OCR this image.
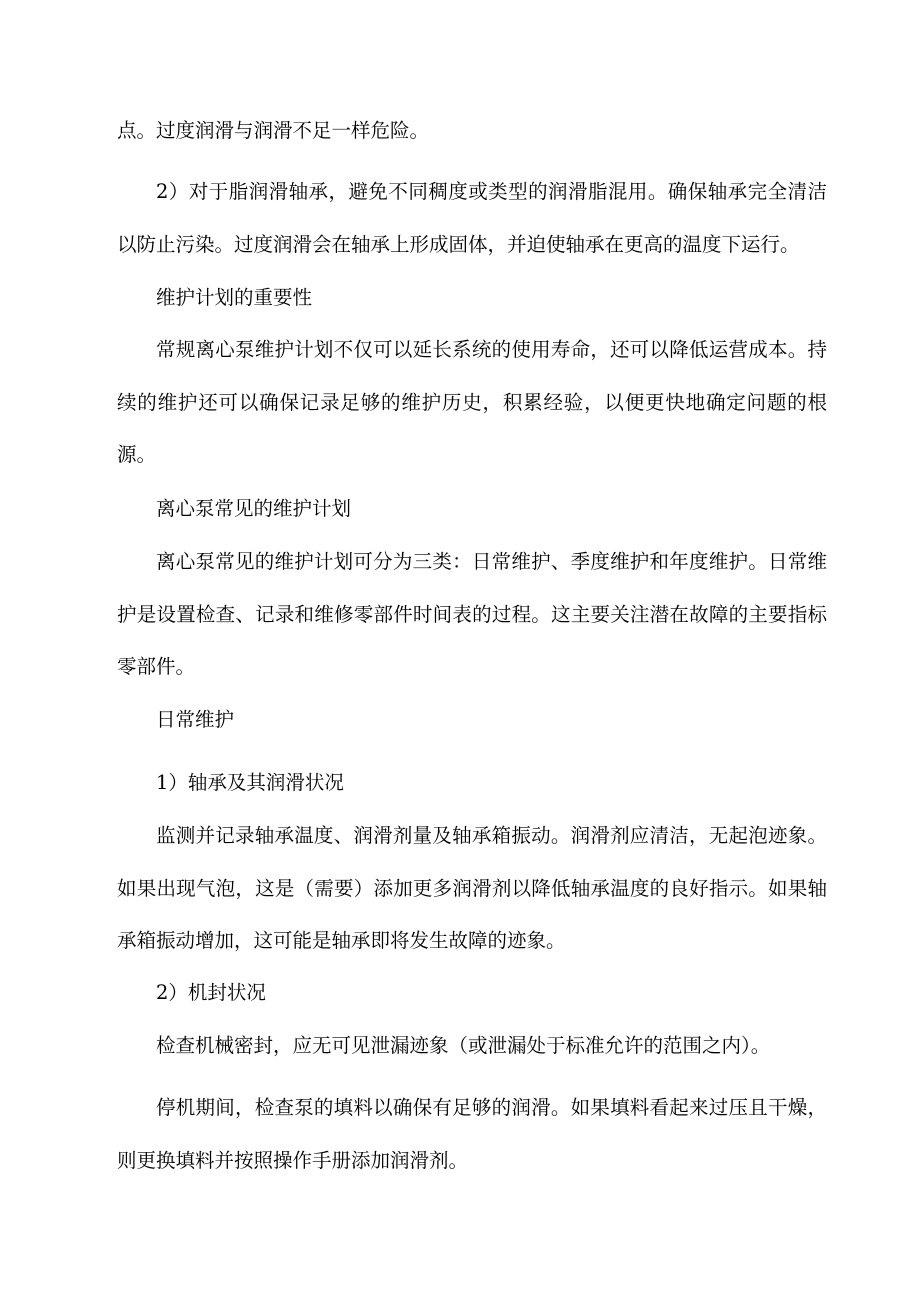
点。过度润滑与润滑不足一样危险。

2）对于脂润滑轴承，避免不同稠度或类型的润滑脂混用。确保轴承完全清洁以防止污染。过度润滑会在轴承上形成固体，并迫使轴承在更高的温度下运行。

维护计划的重要性

常规离心泵维护计划不仅可以延长系统的使用寿命，还可以降低运营成本。持续的维护还可以确保记录足够的维护历史，积累经验，以便更快地确定问题的根源。

离心泵常见的维护计划

离心泵常见的维护计划可分为三类：日常维护、季度维护和年度维护。日常维护是设置检查、记录和维修零部件时间表的过程。这主要关注潜在故障的主要指标零部件。

日常维护

1）轴承及其润滑状况

监测并记录轴承温度、润滑剂量及轴承箱振动。润滑剂应清洁，无起泡迹象。如果出现气泡，这是（需要）添加更多润滑剂以降低轴承温度的良好指示。如果轴承箱振动增加，这可能是轴承即将发生故障的迹象。

2）机封状况

检查机械密封，应无可见泄漏迹象（或泄漏处于标准允许的范围之内）。

停机期间，检查泵的填料以确保有足够的润滑。如果填料看起来过压且干燥，则更换填料并按照操作手册添加润滑剂。
